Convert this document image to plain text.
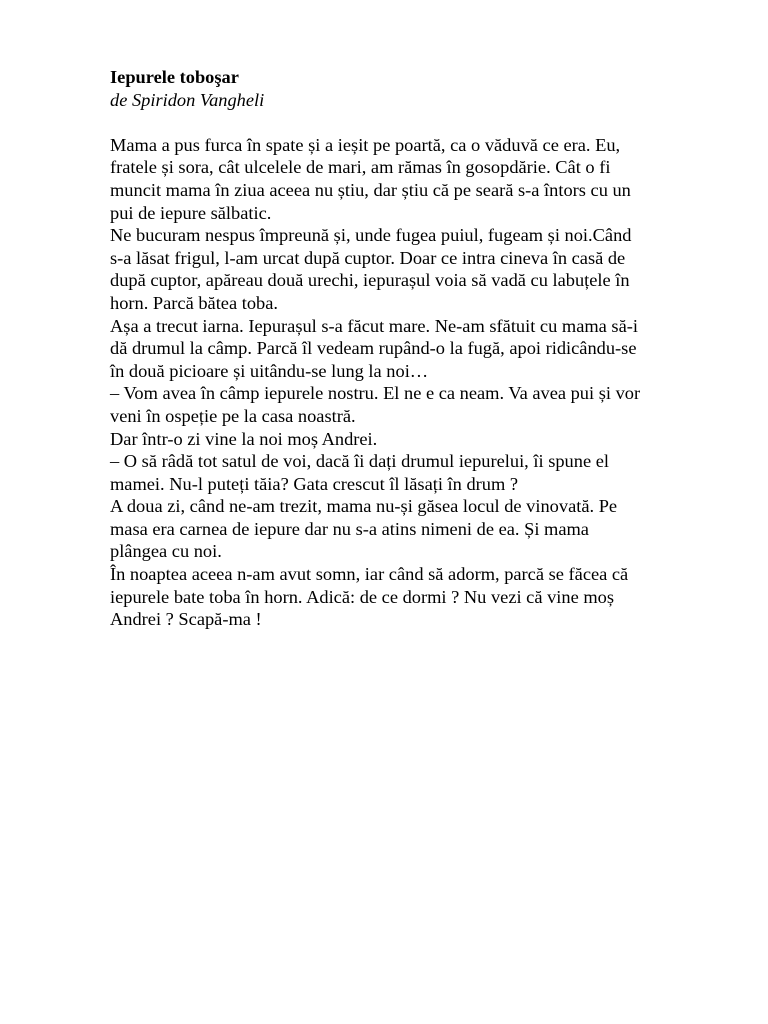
Iepurele toboşar
de Spiridon Vangheli
Mama a pus furca în spate și a ieșit pe poartă, ca o văduvă ce era. Eu,
fratele și sora, cât ulcelele de mari, am rămas în gosopdărie. Cât o fi
muncit mama în ziua aceea nu știu, dar știu că pe seară s-a întors cu un
pui de iepure sălbatic.
Ne bucuram nespus împreună și, unde fugea puiul, fugeam și noi.Când
s-a lăsat frigul, l-am urcat după cuptor. Doar ce intra cineva în casă de
după cuptor, apăreau două urechi, iepurașul voia să vadă cu labuțele în
horn. Parcă bătea toba.
Așa a trecut iarna. Iepurașul s-a făcut mare. Ne-am sfătuit cu mama să-i
dă drumul la câmp. Parcă îl vedeam rupând-o la fugă, apoi ridicându-se
în două picioare și uitându-se lung la noi…
– Vom avea în câmp iepurele nostru. El ne e ca neam. Va avea pui și vor
veni în ospeție pe la casa noastră.
Dar într-o zi vine la noi moș Andrei.
– O să râdă tot satul de voi, dacă îi dați drumul iepurelui, îi spune el
mamei. Nu-l puteți tăia? Gata crescut îl lăsați în drum ?
A doua zi, când ne-am trezit, mama nu-și găsea locul de vinovată. Pe
masa era carnea de iepure dar nu s-a atins nimeni de ea. Și mama
plângea cu noi.
În noaptea aceea n-am avut somn, iar când să adorm, parcă se făcea că
iepurele bate toba în horn. Adică: de ce dormi ? Nu vezi că vine moș
Andrei ? Scapă-ma !
